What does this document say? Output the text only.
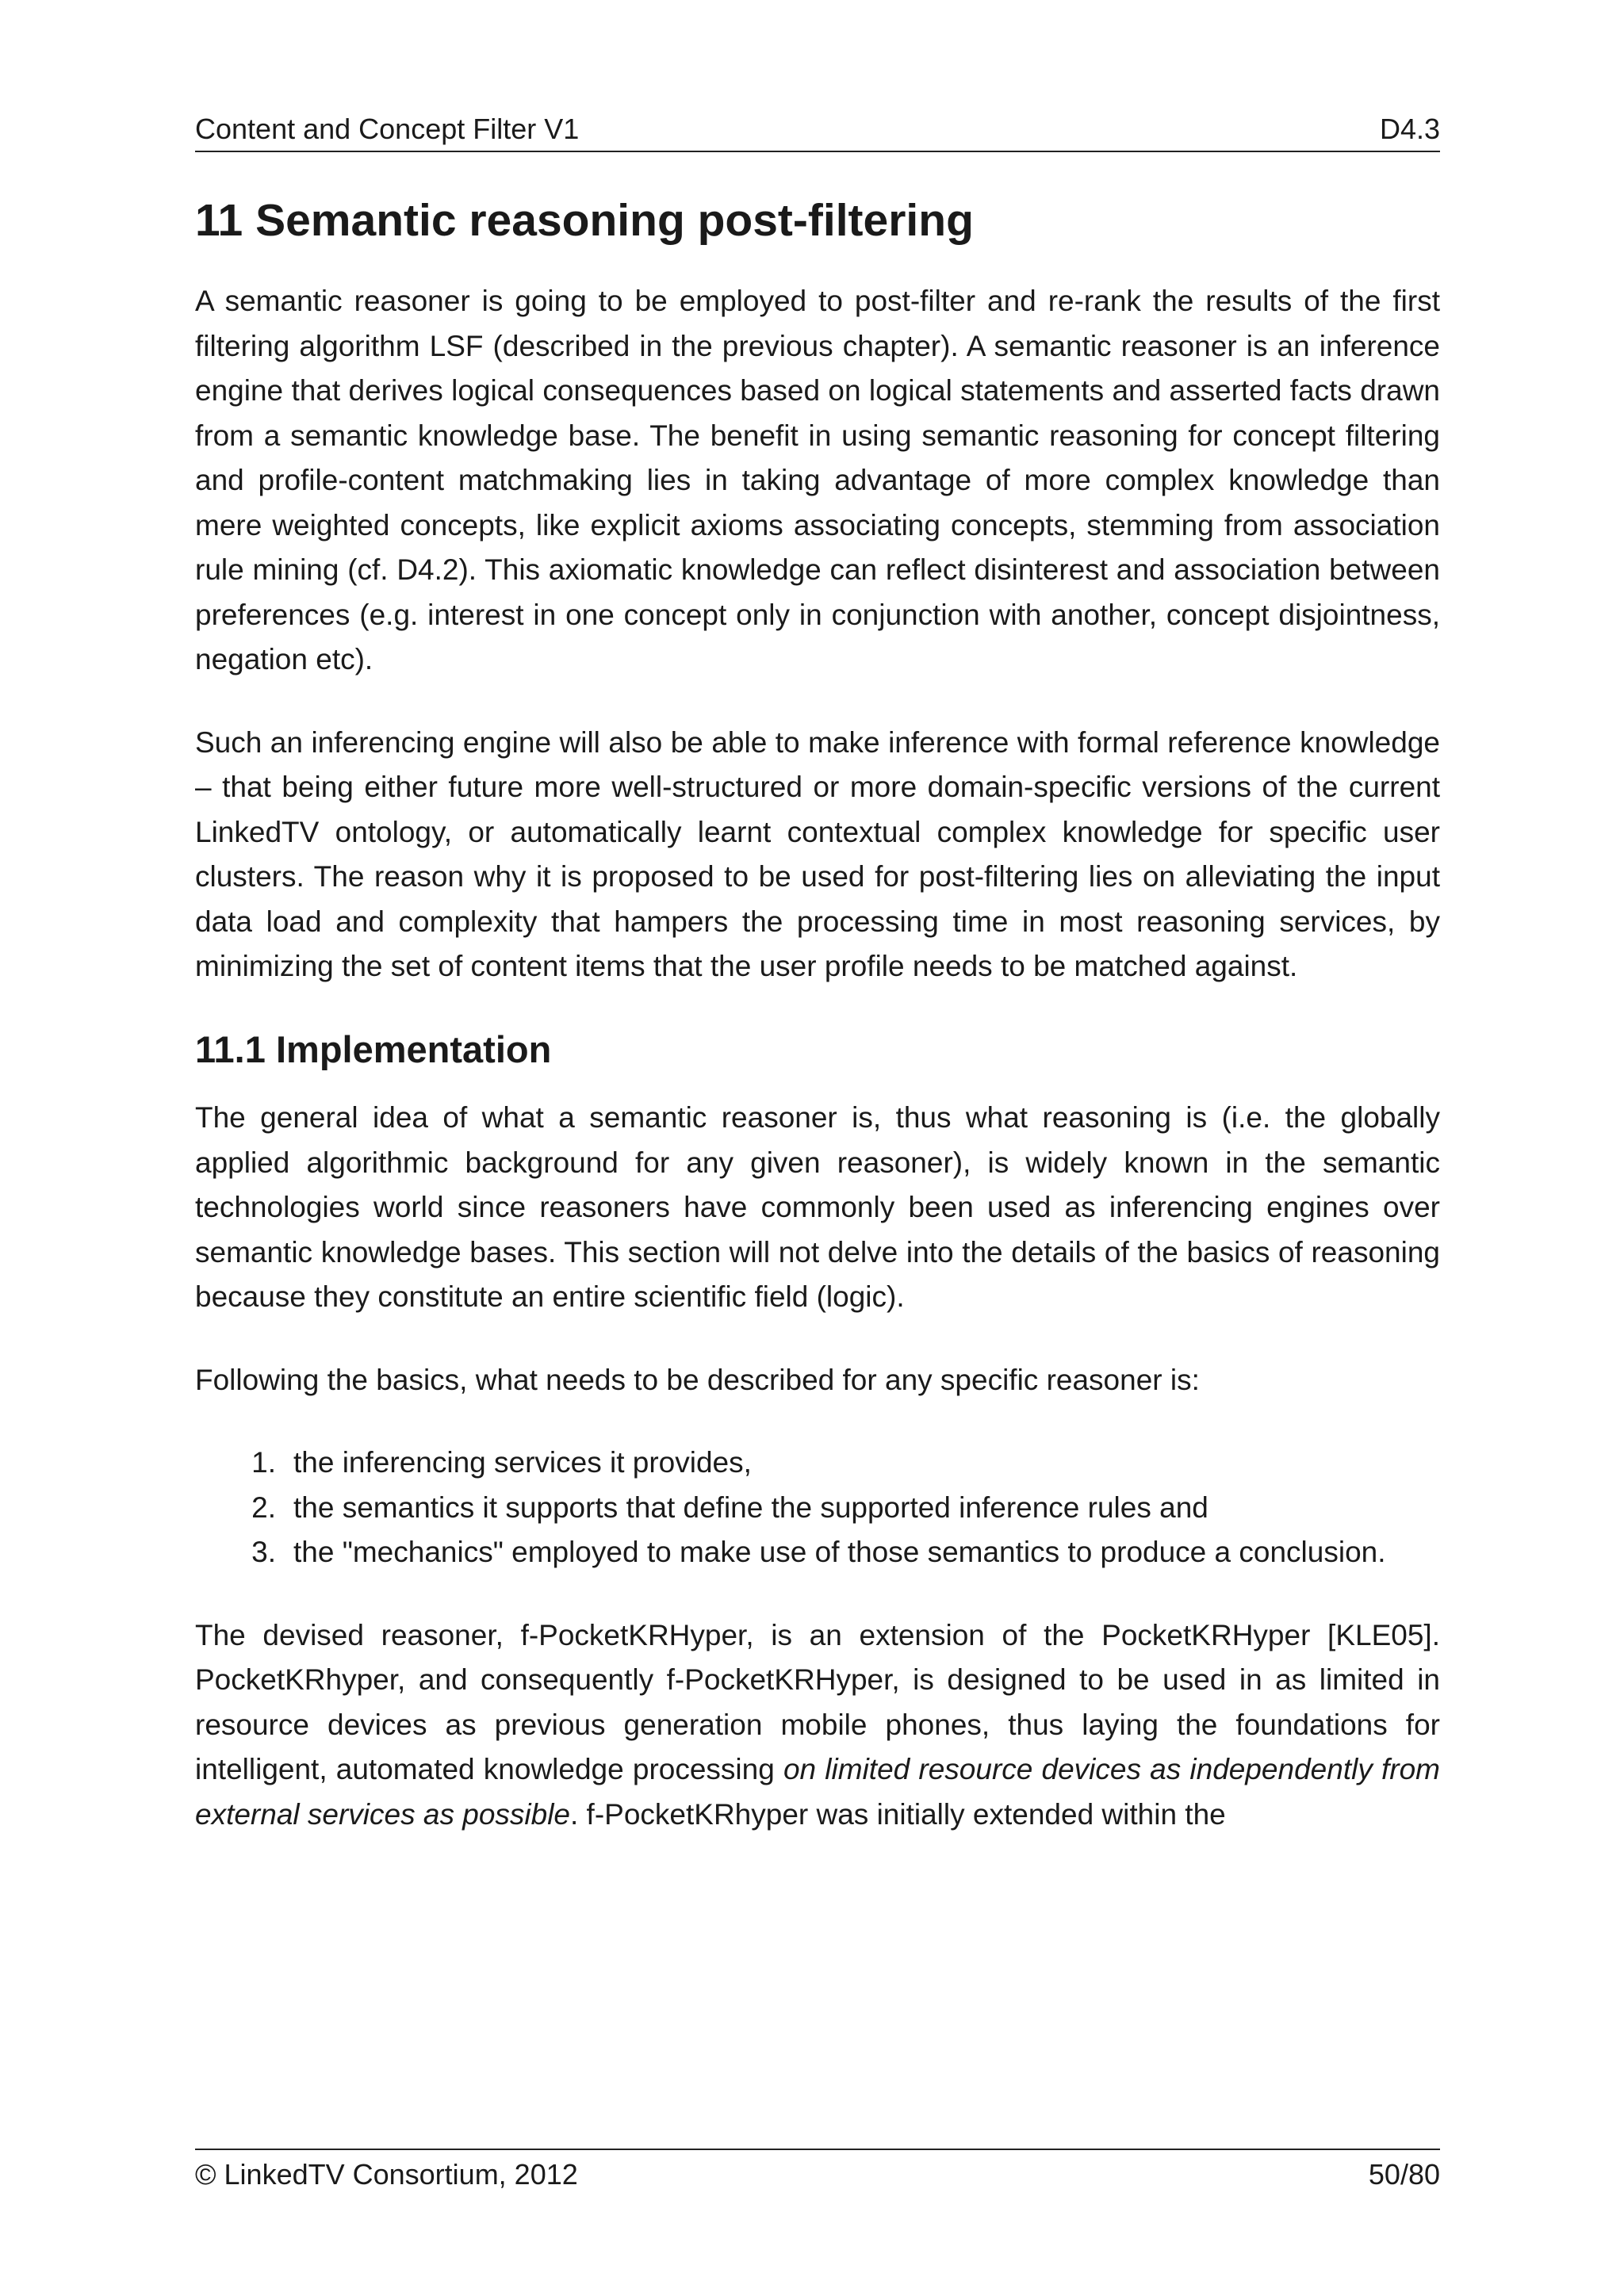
Content and Concept Filter V1	D4.3
11 Semantic reasoning post-filtering

A semantic reasoner is going to be employed to post-filter and re-rank the results of the first filtering algorithm LSF (described in the previous chapter). A semantic reasoner is an inference engine that derives logical consequences based on logical statements and asserted facts drawn from a semantic knowledge base. The benefit in using semantic reasoning for concept filtering and profile-content matchmaking lies in taking advantage of more complex knowledge than mere weighted concepts, like explicit axioms associating concepts, stemming from association rule mining (cf. D4.2). This axiomatic knowledge can reflect disinterest and association between preferences (e.g. interest in one concept only in conjunction with another, concept disjointness, negation etc).

Such an inferencing engine will also be able to make inference with formal reference knowledge – that being either future more well-structured or more domain-specific versions of the current LinkedTV ontology, or automatically learnt contextual complex knowledge for specific user clusters. The reason why it is proposed to be used for post-filtering lies on alleviating the input data load and complexity that hampers the processing time in most reasoning services, by minimizing the set of content items that the user profile needs to be matched against.

11.1 Implementation

The general idea of what a semantic reasoner is, thus what reasoning is (i.e. the globally applied algorithmic background for any given reasoner), is widely known in the semantic technologies world since reasoners have commonly been used as inferencing engines over semantic knowledge bases. This section will not delve into the details of the basics of reasoning because they constitute an entire scientific field (logic).

Following the basics, what needs to be described for any specific reasoner is:

1. the inferencing services it provides,
2. the semantics it supports that define the supported inference rules and
3. the "mechanics" employed to make use of those semantics to produce a conclusion.

The devised reasoner, f-PocketKRHyper, is an extension of the PocketKRHyper [KLE05]. PocketKRhyper, and consequently f-PocketKRHyper, is designed to be used in as limited in resource devices as previous generation mobile phones, thus laying the foundations for intelligent, automated knowledge processing on limited resource devices as independently from external services as possible. f-PocketKRhyper was initially extended within the

© LinkedTV Consortium, 2012	50/80
